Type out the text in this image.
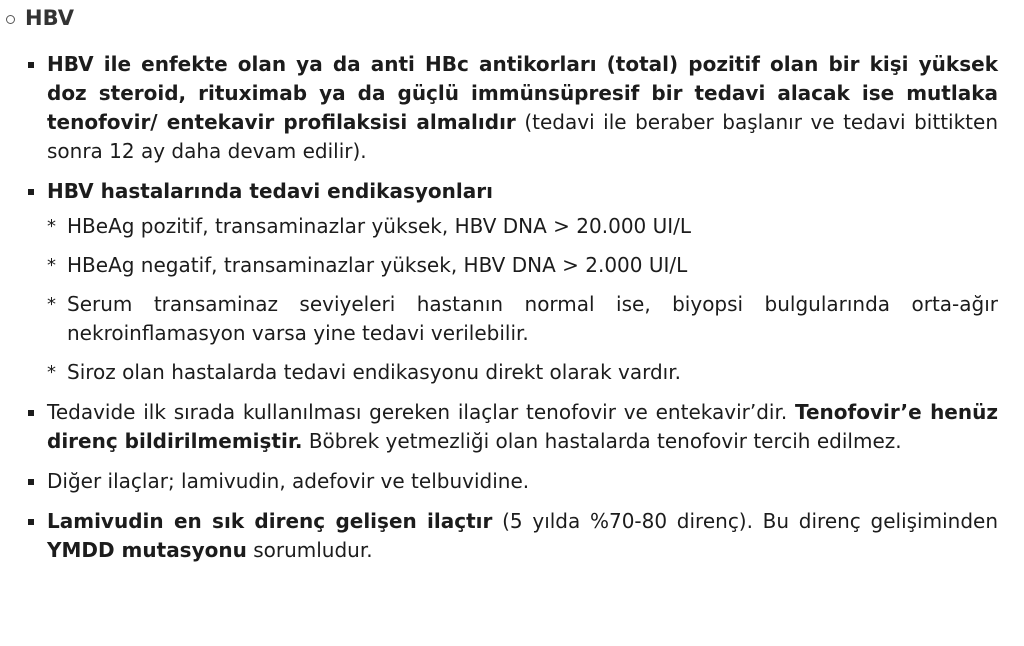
HBV
HBV ile enfekte olan ya da anti HBc antikorları (total) pozitif olan bir kişi yüksek doz steroid, rituximab ya da güçlü immünsüpresif bir tedavi alacak ise mutlaka tenofovir/ entekavir profilaksisi almalıdır (tedavi ile beraber başlanır ve tedavi bittikten sonra 12 ay daha devam edilir).
HBV hastalarında tedavi endikasyonları
* HBeAg pozitif, transaminazlar yüksek, HBV DNA > 20.000 UI/L
* HBeAg negatif, transaminazlar yüksek, HBV DNA > 2.000 UI/L
* Serum transaminaz seviyeleri hastanın normal ise, biyopsi bulgularında orta-ağır nekroinflamasyon varsa yine tedavi verilebilir.
* Siroz olan hastalarda tedavi endikasyonu direkt olarak vardır.
Tedavide ilk sırada kullanılması gereken ilaçlar tenofovir ve entekavir’dir. Tenofovir’e henüz direnç bildirilmemiştir. Böbrek yetmezliği olan hastalarda tenofovir tercih edilmez.
Diğer ilaçlar; lamivudin, adefovir ve telbuvidine.
Lamivudin en sık direnç gelişen ilaçtır (5 yılda %70-80 direnç). Bu direnç gelişiminden YMDD mutasyonu sorumludur.
